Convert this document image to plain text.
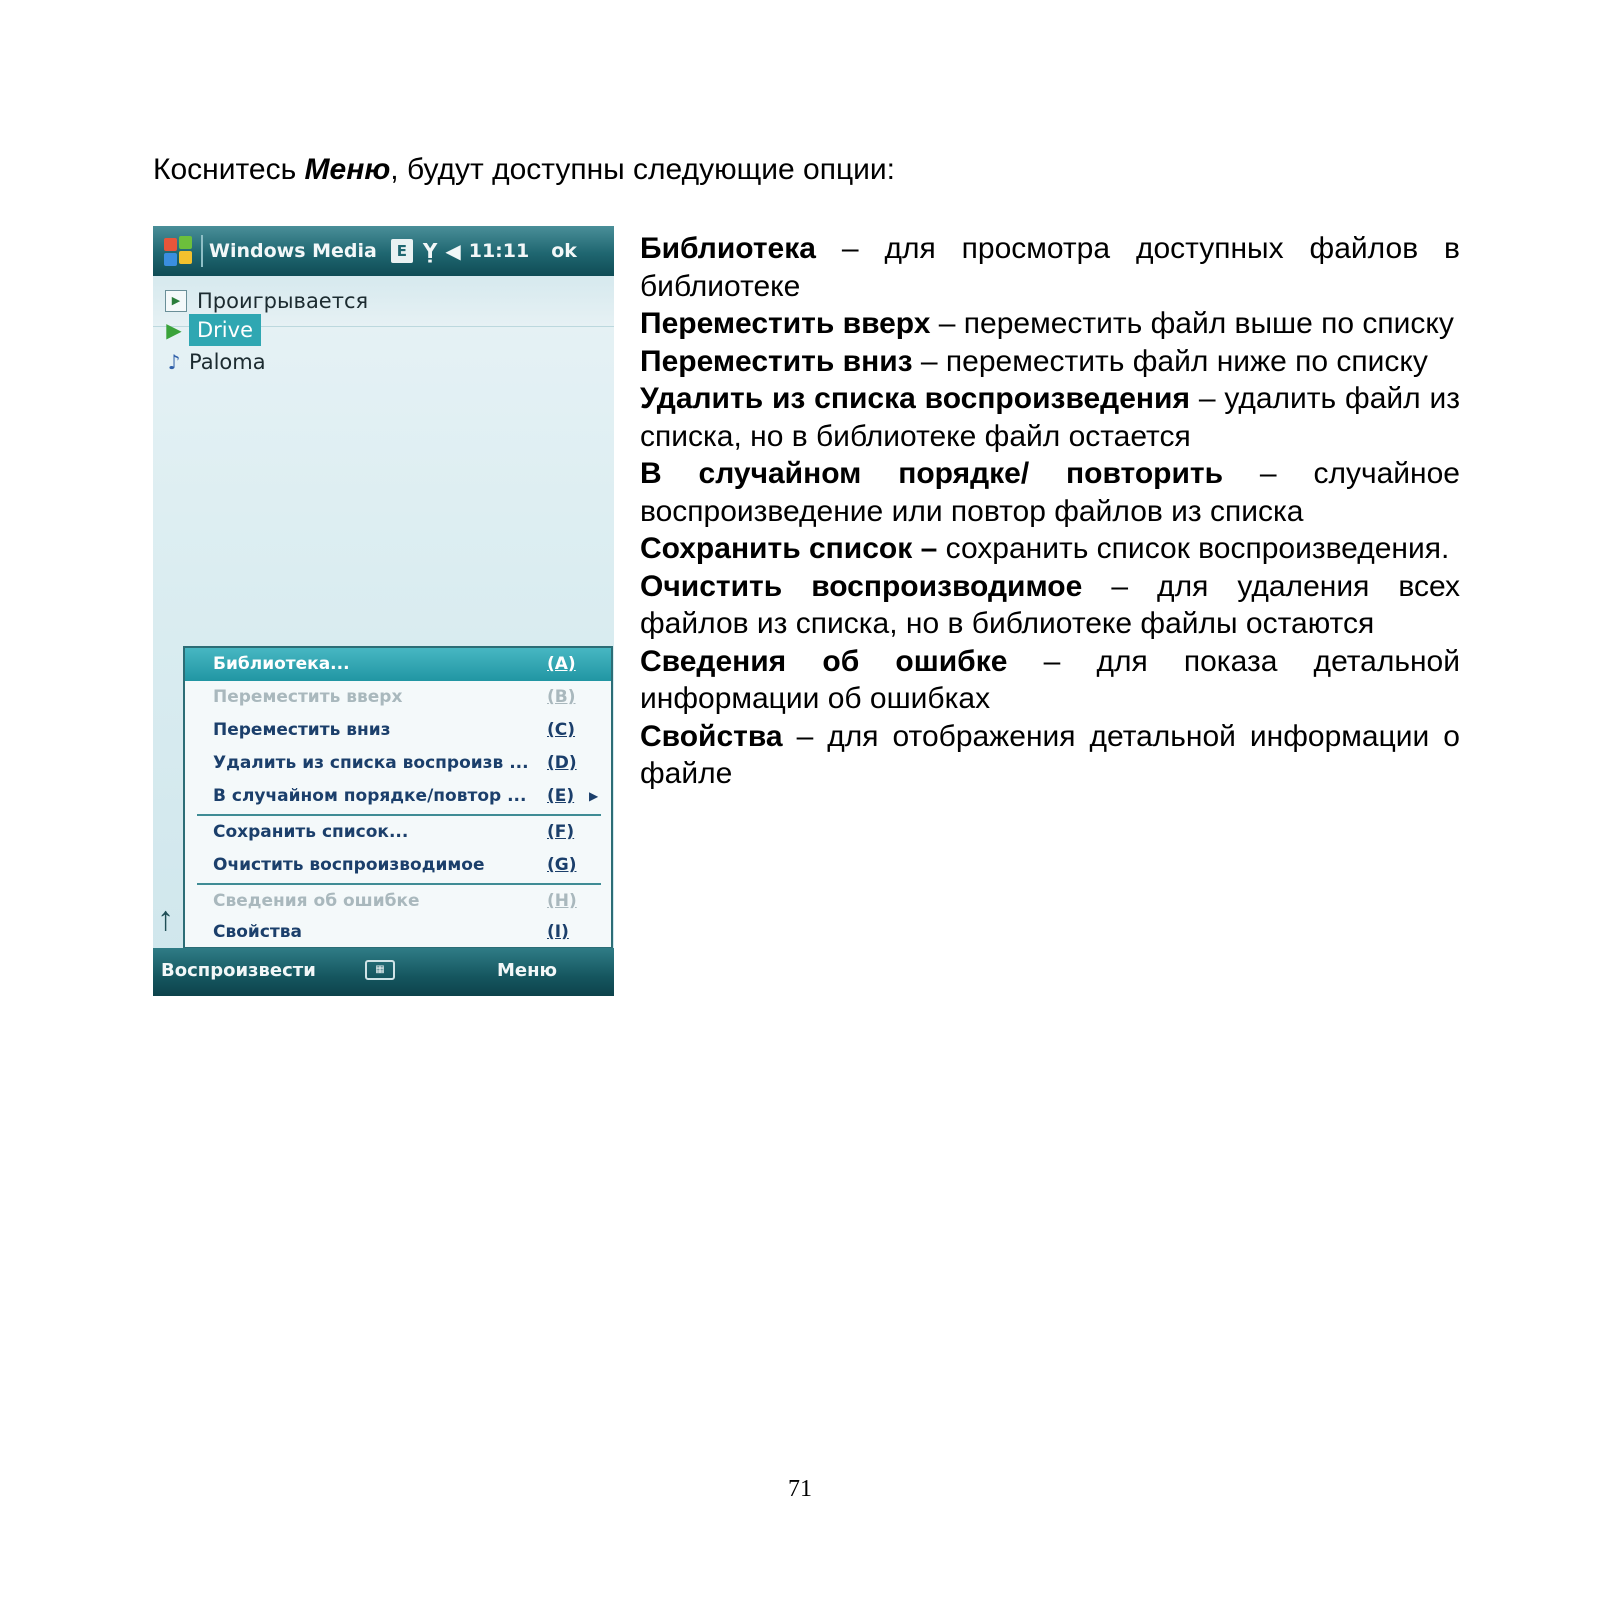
Коснитесь Меню, будут доступны следующие опции:
Windows Media	E Ỵ ◀︎ 11:11 ok
▶ Проигрывается
▶ Drive
♪ Paloma
↑
Библиотека...	(A)
Переместить вверх	(B)
Переместить вниз	(C)
Удалить из списка воспроизв ... (D)
В случайном порядке/повтор ... (E) ▶
Сохранить список...	(F)
Очистить воспроизводимое	(G)
Сведения об ошибке	(H)
Свойства	(I)
Воспроизвести	▦	Меню

Библиотека – для просмотра доступных файлов в библиотеке

Переместить вверх – переместить файл выше по списку

Переместить вниз – переместить файл ниже по списку

Удалить из списка воспроизведения – удалить файл из списка, но в библиотеке файл остается

В случайном порядке/ повторить – случайное воспроизведение или повтор файлов из списка

Сохранить список – сохранить список воспроизведения.

Очистить воспроизводимое – для удаления всех файлов из списка, но в библиотеке файлы остаются

Сведения об ошибке – для показа детальной информации об ошибках

Свойства – для отображения детальной информации о файле

71
